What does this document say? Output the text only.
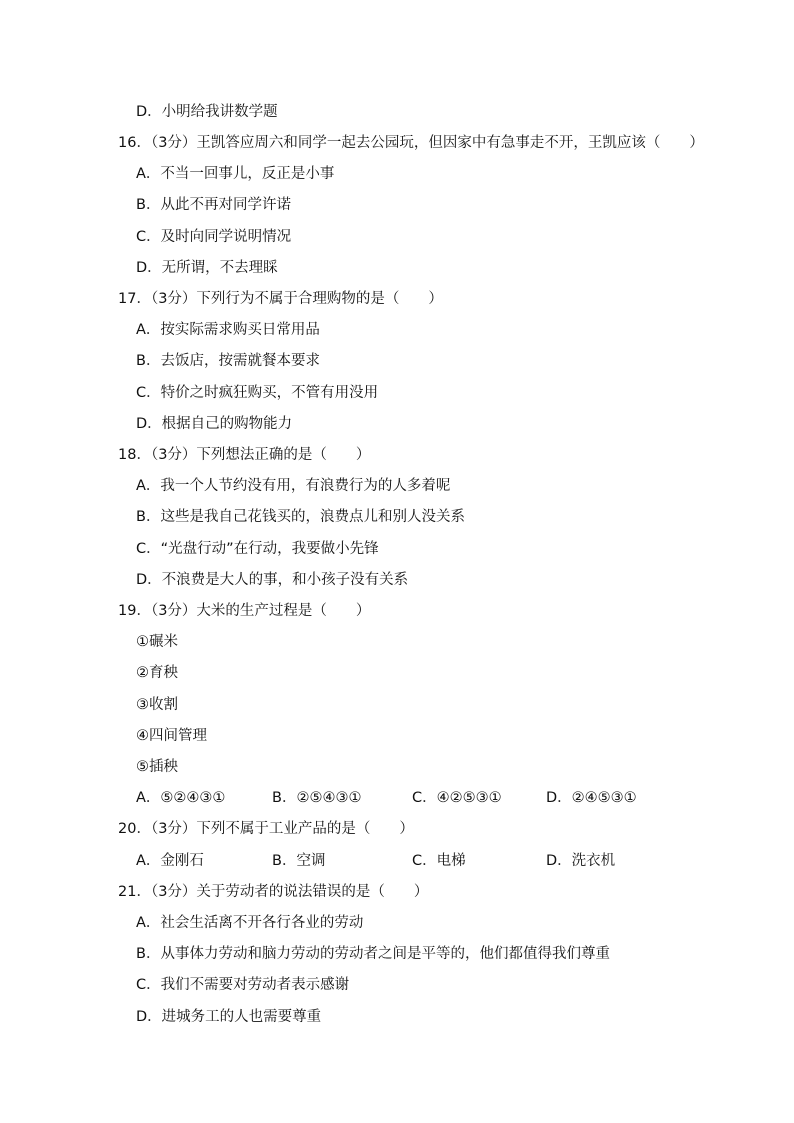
D．小明给我讲数学题
16．（3分）王凯答应周六和同学一起去公园玩，但因家中有急事走不开，王凯应该（　　）
A．不当一回事儿，反正是小事
B．从此不再对同学许诺
C．及时向同学说明情况
D．无所谓，不去理睬
17．（3分）下列行为不属于合理购物的是（　　）
A．按实际需求购买日常用品
B．去饭店，按需就餐本要求
C．特价之时疯狂购买，不管有用没用
D．根据自己的购物能力
18．（3分）下列想法正确的是（　　）
A．我一个人节约没有用，有浪费行为的人多着呢
B．这些是我自己花钱买的，浪费点儿和别人没关系
C．“光盘行动”在行动，我要做小先锋
D．不浪费是大人的事，和小孩子没有关系
19．（3分）大米的生产过程是（　　）
①碾米
②育秧
③收割
④四间管理
⑤插秧
A．⑤②④③①	B．②⑤④③①	C．④②⑤③①	D．②④⑤③①
20．（3分）下列不属于工业产品的是（　　）
A．金刚石	B．空调	C．电梯	D．洗衣机
21．（3分）关于劳动者的说法错误的是（　　）
A．社会生活离不开各行各业的劳动
B．从事体力劳动和脑力劳动的劳动者之间是平等的，他们都值得我们尊重
C．我们不需要对劳动者表示感谢
D．进城务工的人也需要尊重
